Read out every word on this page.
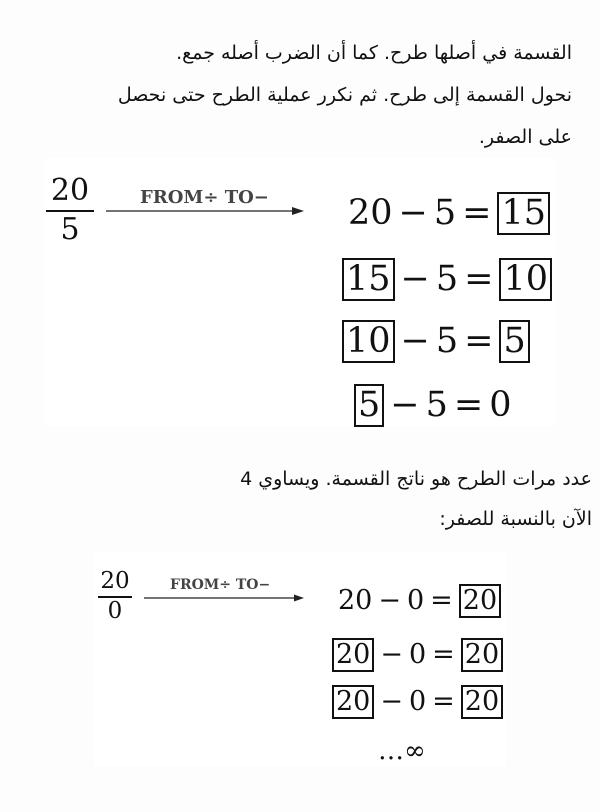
القسمة في أصلها طرح. كما أن الضرب أصله جمع.
نحول القسمة إلى طرح. ثم نكرر عملية الطرح حتى نحصل
على الصفر.
20
5
FROM÷ TO− 20 − 5 = 15
15 − 5 = 10
10 − 5 = 5
5 − 5 = 0
عدد مرات الطرح هو ناتج القسمة. ويساوي 4
الآن بالنسبة للصفر:
20
0
FROM÷ TO−
20 − 0 = 20
20 − 0 = 20
20 − 0 = 20
…∞
